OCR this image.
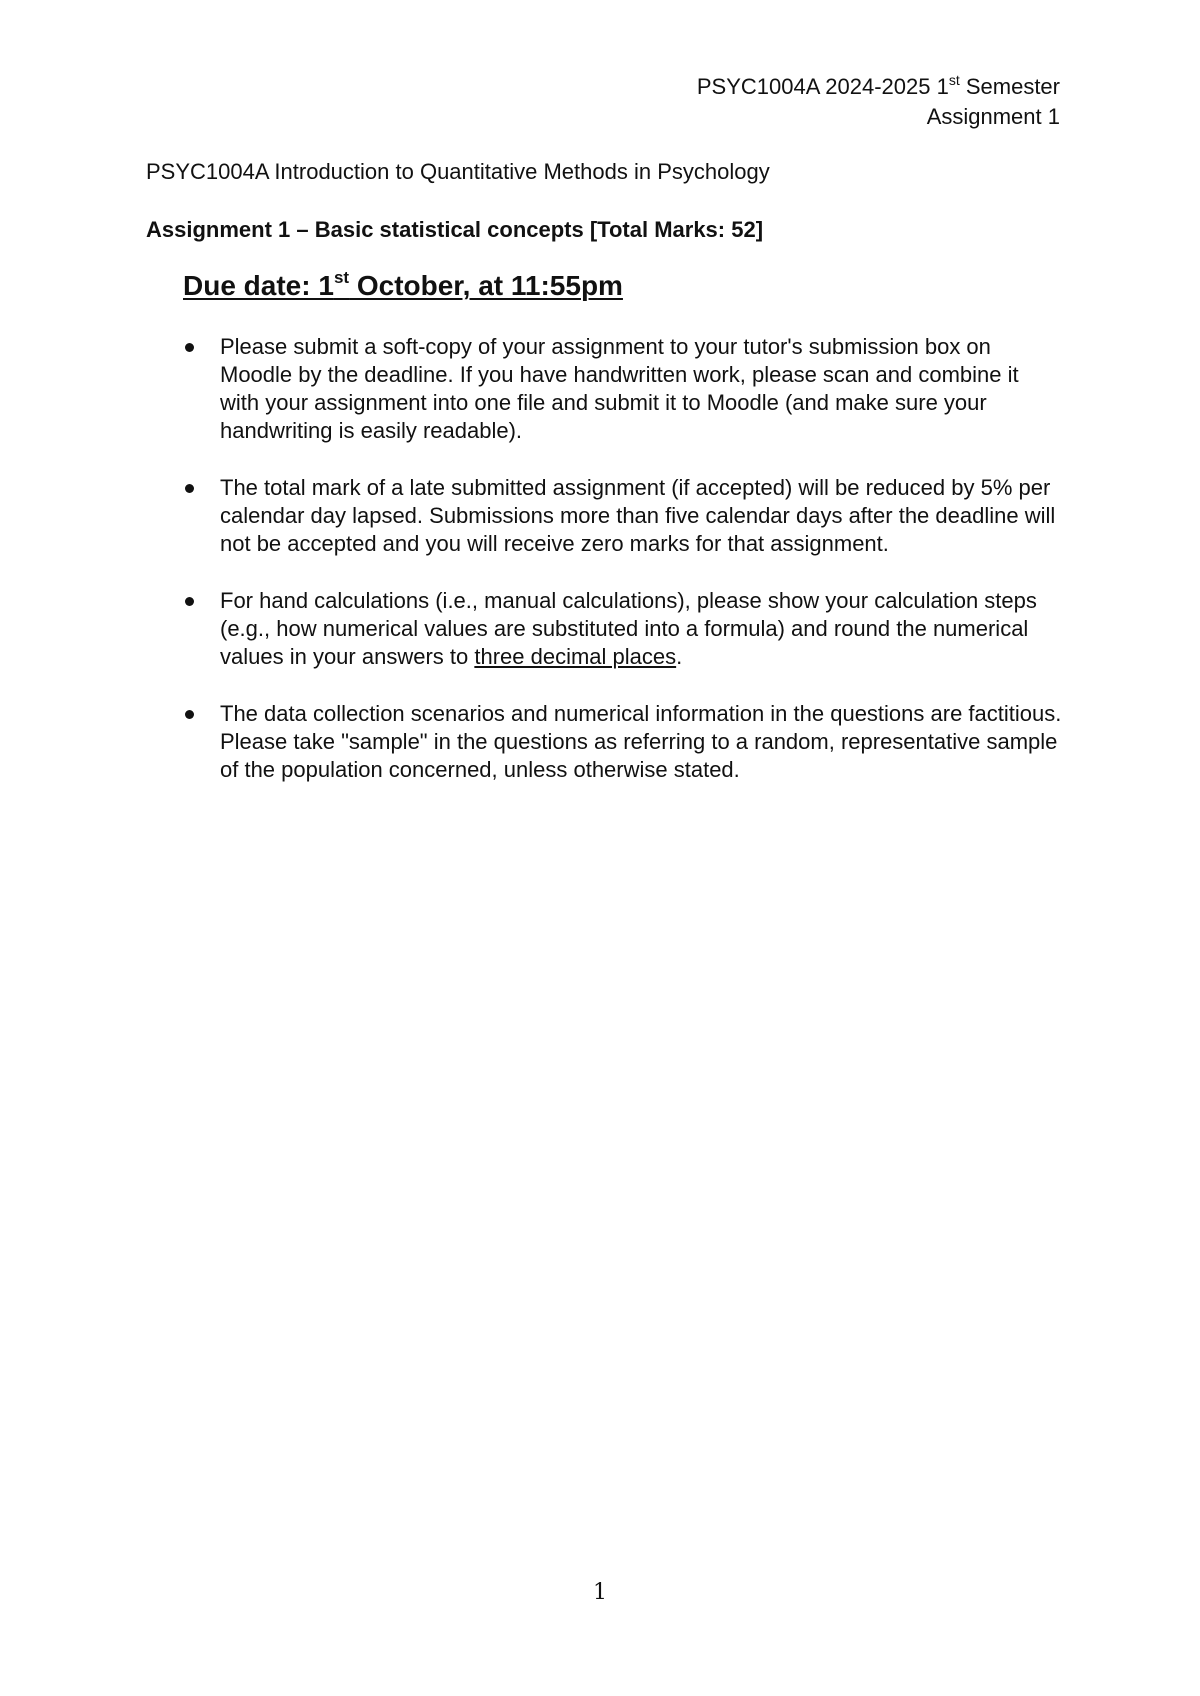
PSYC1004A 2024-2025 1st Semester
Assignment 1
PSYC1004A Introduction to Quantitative Methods in Psychology
Assignment 1 – Basic statistical concepts [Total Marks: 52]
Due date: 1st October, at 11:55pm
Please submit a soft-copy of your assignment to your tutor's submission box on Moodle by the deadline. If you have handwritten work, please scan and combine it with your assignment into one file and submit it to Moodle (and make sure your handwriting is easily readable).
The total mark of a late submitted assignment (if accepted) will be reduced by 5% per calendar day lapsed. Submissions more than five calendar days after the deadline will not be accepted and you will receive zero marks for that assignment.
For hand calculations (i.e., manual calculations), please show your calculation steps (e.g., how numerical values are substituted into a formula) and round the numerical values in your answers to three decimal places.
The data collection scenarios and numerical information in the questions are factitious. Please take "sample" in the questions as referring to a random, representative sample of the population concerned, unless otherwise stated.
1
